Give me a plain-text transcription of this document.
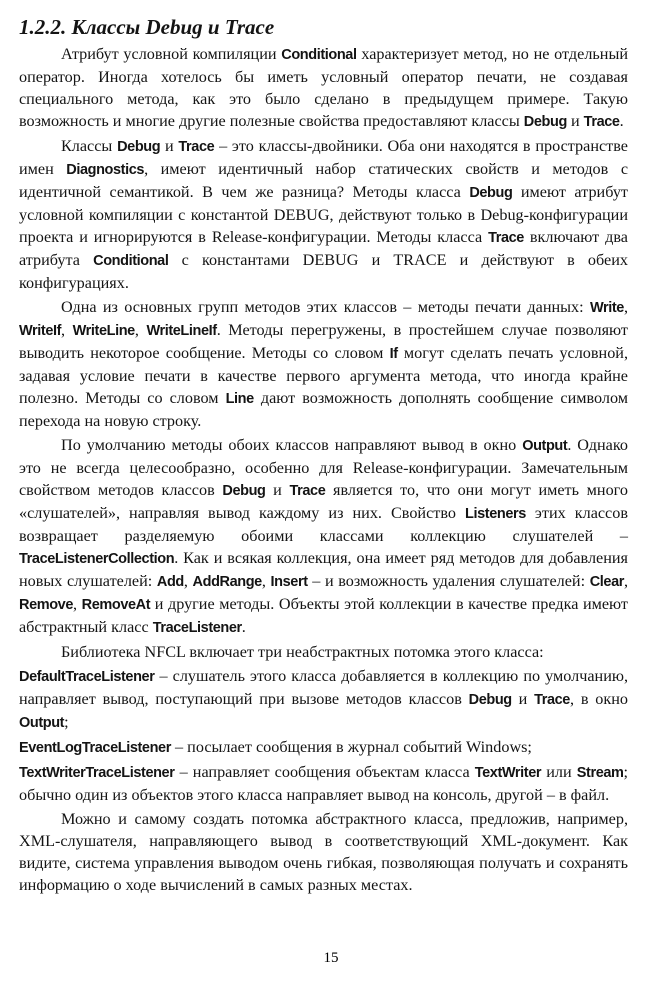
1.2.2. Классы Debug и Trace

Атрибут условной компиляции Conditional характеризует метод, но не отдельный оператор. Иногда хотелось бы иметь условный оператор печати, не создавая специального метода, как это было сделано в предыдущем примере. Такую возможность и многие другие полезные свойства предоставляют классы Debug и Trace.

Классы Debug и Trace – это классы-двойники. Оба они находятся в пространстве имен Diagnostics, имеют идентичный набор статических свойств и методов с идентичной семантикой. В чем же разница? Методы класса Debug имеют атрибут условной компиляции с константой DEBUG, действуют только в Debug-конфигурации проекта и игнорируются в Release-конфигурации. Методы класса Trace включают два атрибута Conditional с константами DEBUG и TRACE и действуют в обеих конфигурациях.

Одна из основных групп методов этих классов – методы печати данных: Write, WriteIf, WriteLine, WriteLineIf. Методы перегружены, в простейшем случае позволяют выводить некоторое сообщение. Методы со словом If могут сделать печать условной, задавая условие печати в качестве первого аргумента метода, что иногда крайне полезно. Методы со словом Line дают возможность дополнять сообщение символом перехода на новую строку.

По умолчанию методы обоих классов направляют вывод в окно Output. Однако это не всегда целесообразно, особенно для Release-конфигурации. Замечательным свойством методов классов Debug и Trace является то, что они могут иметь много «слушателей», направляя вывод каждому из них. Свойство Listeners этих классов возвращает разделяемую обоими классами коллекцию слушателей – TraceListenerCollection. Как и всякая коллекция, она имеет ряд методов для добавления новых слушателей: Add, AddRange, Insert – и возможность удаления слушателей: Clear, Remove, RemoveAt и другие методы. Объекты этой коллекции в качестве предка имеют абстрактный класс TraceListener.

Библиотека NFCL включает три неабстрактных потомка этого класса:

DefaultTraceListener – слушатель этого класса добавляется в коллекцию по умолчанию, направляет вывод, поступающий при вызове методов классов Debug и Trace, в окно Output;

EventLogTraceListener – посылает сообщения в журнал событий Windows;

TextWriterTraceListener – направляет сообщения объектам класса TextWriter или Stream; обычно один из объектов этого класса направляет вывод на консоль, другой – в файл.

Можно и самому создать потомка абстрактного класса, предложив, например, XML-слушателя, направляющего вывод в соответствующий XML-документ. Как видите, система управления выводом очень гибкая, позволяющая получать и сохранять информацию о ходе вычислений в самых разных местах.

15
